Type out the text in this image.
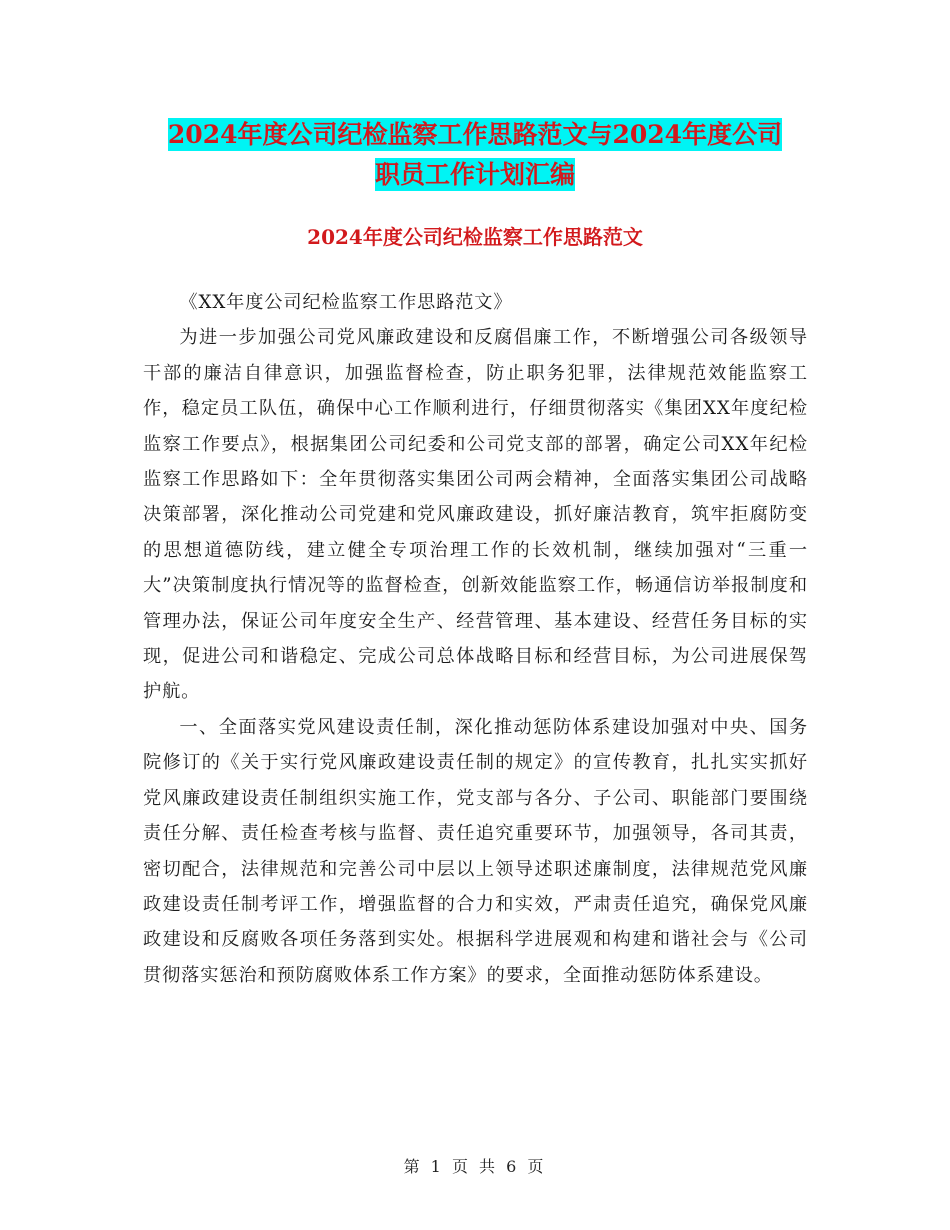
2024年度公司纪检监察工作思路范文与2024年度公司
职员工作计划汇编
2024年度公司纪检监察工作思路范文

《XX年度公司纪检监察工作思路范文》

为进一步加强公司党风廉政建设和反腐倡廉工作，不断增强公司各级领导干部的廉洁自律意识，加强监督检查，防止职务犯罪，法律规范效能监察工作，稳定员工队伍，确保中心工作顺利进行，仔细贯彻落实《集团XX年度纪检监察工作要点》，根据集团公司纪委和公司党支部的部署，确定公司XX年纪检监察工作思路如下：全年贯彻落实集团公司两会精神，全面落实集团公司战略决策部署，深化推动公司党建和党风廉政建设，抓好廉洁教育，筑牢拒腐防变的思想道德防线，建立健全专项治理工作的长效机制，继续加强对“三重一大”决策制度执行情况等的监督检查，创新效能监察工作，畅通信访举报制度和管理办法，保证公司年度安全生产、经营管理、基本建设、经营任务目标的实现，促进公司和谐稳定、完成公司总体战略目标和经营目标，为公司进展保驾护航。

一、全面落实党风建设责任制，深化推动惩防体系建设加强对中央、国务院修订的《关于实行党风廉政建设责任制的规定》的宣传教育，扎扎实实抓好党风廉政建设责任制组织实施工作，党支部与各分、子公司、职能部门要围绕责任分解、责任检查考核与监督、责任追究重要环节，加强领导，各司其责，密切配合，法律规范和完善公司中层以上领导述职述廉制度，法律规范党风廉政建设责任制考评工作，增强监督的合力和实效，严肃责任追究，确保党风廉政建设和反腐败各项任务落到实处。根据科学进展观和构建和谐社会与《公司贯彻落实惩治和预防腐败体系工作方案》的要求，全面推动惩防体系建设。

第 1 页 共 6 页
